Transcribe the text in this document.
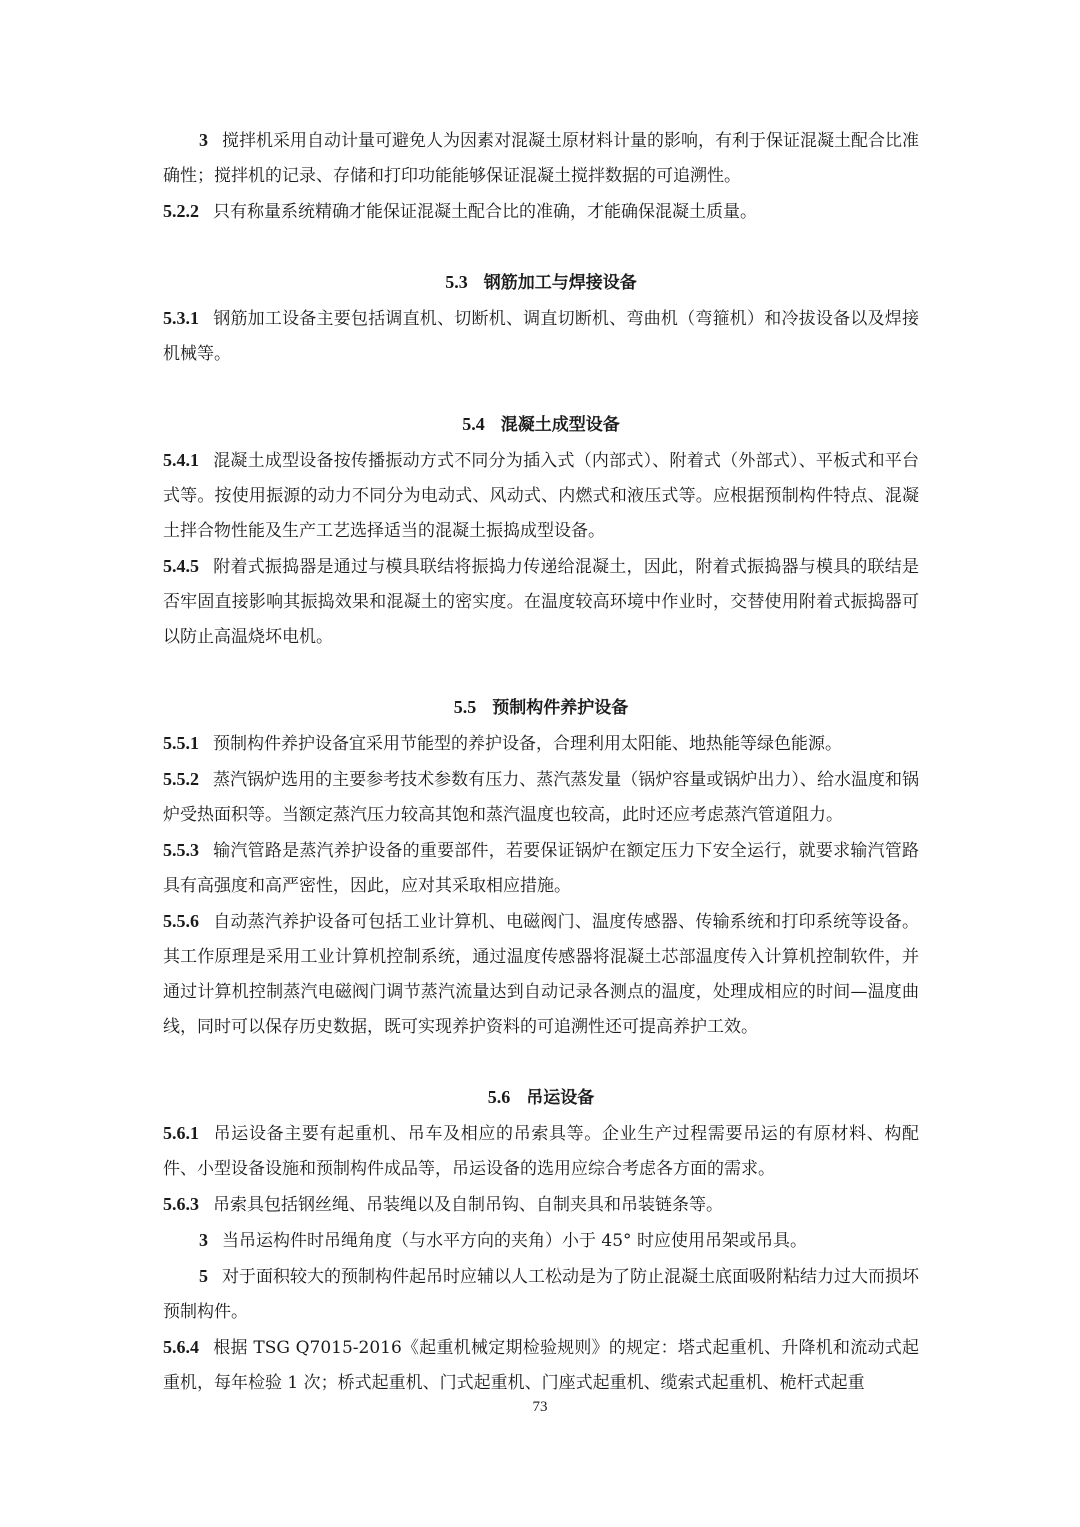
3 搅拌机采用自动计量可避免人为因素对混凝土原材料计量的影响，有利于保证混凝土配合比准确性；搅拌机的记录、存储和打印功能能够保证混凝土搅拌数据的可追溯性。

5.2.2 只有称量系统精确才能保证混凝土配合比的准确，才能确保混凝土质量。

5.3 钢筋加工与焊接设备

5.3.1 钢筋加工设备主要包括调直机、切断机、调直切断机、弯曲机（弯箍机）和冷拔设备以及焊接机械等。

5.4 混凝土成型设备

5.4.1 混凝土成型设备按传播振动方式不同分为插入式（内部式）、附着式（外部式）、平板式和平台式等。按使用振源的动力不同分为电动式、风动式、内燃式和液压式等。应根据预制构件特点、混凝土拌合物性能及生产工艺选择适当的混凝土振捣成型设备。

5.4.5 附着式振捣器是通过与模具联结将振捣力传递给混凝土，因此，附着式振捣器与模具的联结是否牢固直接影响其振捣效果和混凝土的密实度。在温度较高环境中作业时，交替使用附着式振捣器可以防止高温烧坏电机。

5.5 预制构件养护设备

5.5.1 预制构件养护设备宜采用节能型的养护设备，合理利用太阳能、地热能等绿色能源。

5.5.2 蒸汽锅炉选用的主要参考技术参数有压力、蒸汽蒸发量（锅炉容量或锅炉出力）、给水温度和锅炉受热面积等。当额定蒸汽压力较高其饱和蒸汽温度也较高，此时还应考虑蒸汽管道阻力。

5.5.3 输汽管路是蒸汽养护设备的重要部件，若要保证锅炉在额定压力下安全运行，就要求输汽管路具有高强度和高严密性，因此，应对其采取相应措施。

5.5.6 自动蒸汽养护设备可包括工业计算机、电磁阀门、温度传感器、传输系统和打印系统等设备。其工作原理是采用工业计算机控制系统，通过温度传感器将混凝土芯部温度传入计算机控制软件，并通过计算机控制蒸汽电磁阀门调节蒸汽流量达到自动记录各测点的温度，处理成相应的时间—温度曲线，同时可以保存历史数据，既可实现养护资料的可追溯性还可提高养护工效。

5.6 吊运设备

5.6.1 吊运设备主要有起重机、吊车及相应的吊索具等。企业生产过程需要吊运的有原材料、构配件、小型设备设施和预制构件成品等，吊运设备的选用应综合考虑各方面的需求。

5.6.3 吊索具包括钢丝绳、吊装绳以及自制吊钩、自制夹具和吊装链条等。

3 当吊运构件时吊绳角度（与水平方向的夹角）小于 45° 时应使用吊架或吊具。

5 对于面积较大的预制构件起吊时应辅以人工松动是为了防止混凝土底面吸附粘结力过大而损坏预制构件。

5.6.4 根据 TSG Q7015-2016《起重机械定期检验规则》的规定：塔式起重机、升降机和流动式起重机，每年检验 1 次；桥式起重机、门式起重机、门座式起重机、缆索式起重机、桅杆式起重

73
